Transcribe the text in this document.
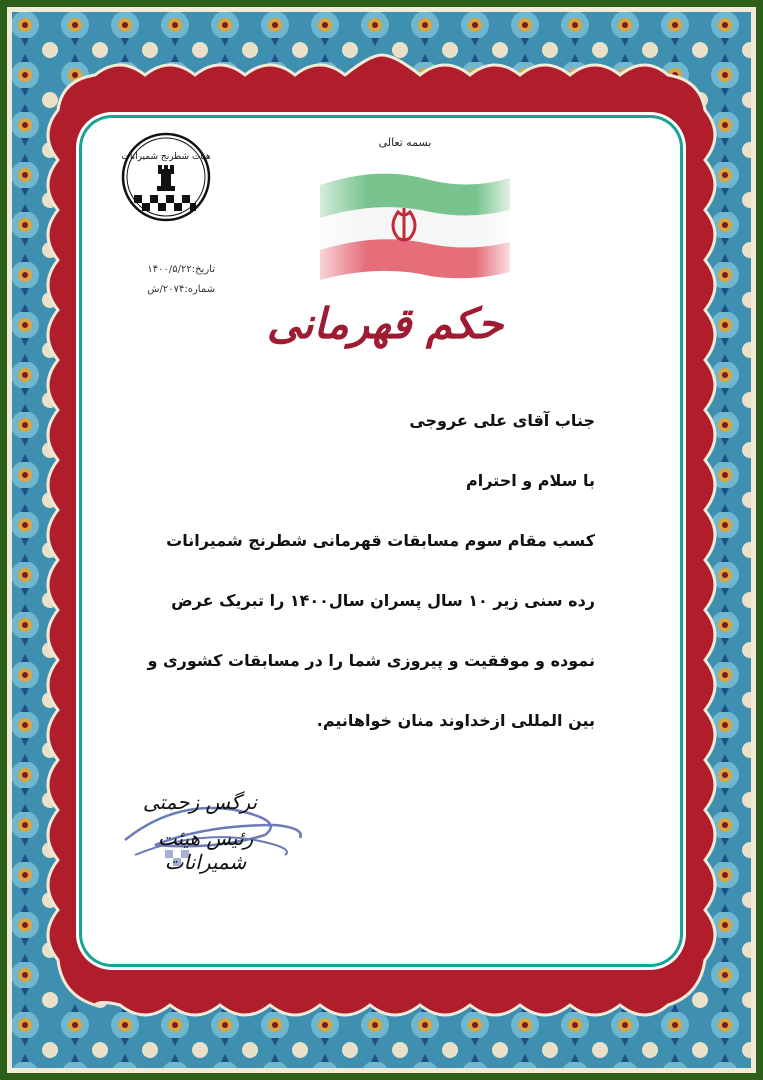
هیات شطرنج شمیرانات
بسمه تعالی
تاریخ:۱۴۰۰/۵/۲۲
شماره:۲۰۷۴/ش
حکم قهرمانی
جناب آقای علی عروجی
با سلام و احترام
کسب مقام سوم مسابقات قهرمانی شطرنج شمیرانات
رده سنی زیر ۱۰ سال پسران سال۱۴۰۰ را تبریک عرض
نموده و موفقیت و پیروزی شما را در مسابقات کشوری و
بین المللی ازخداوند منان خواهانیم.
نرگس زحمتی
رئیس هیئت شمیرانات
